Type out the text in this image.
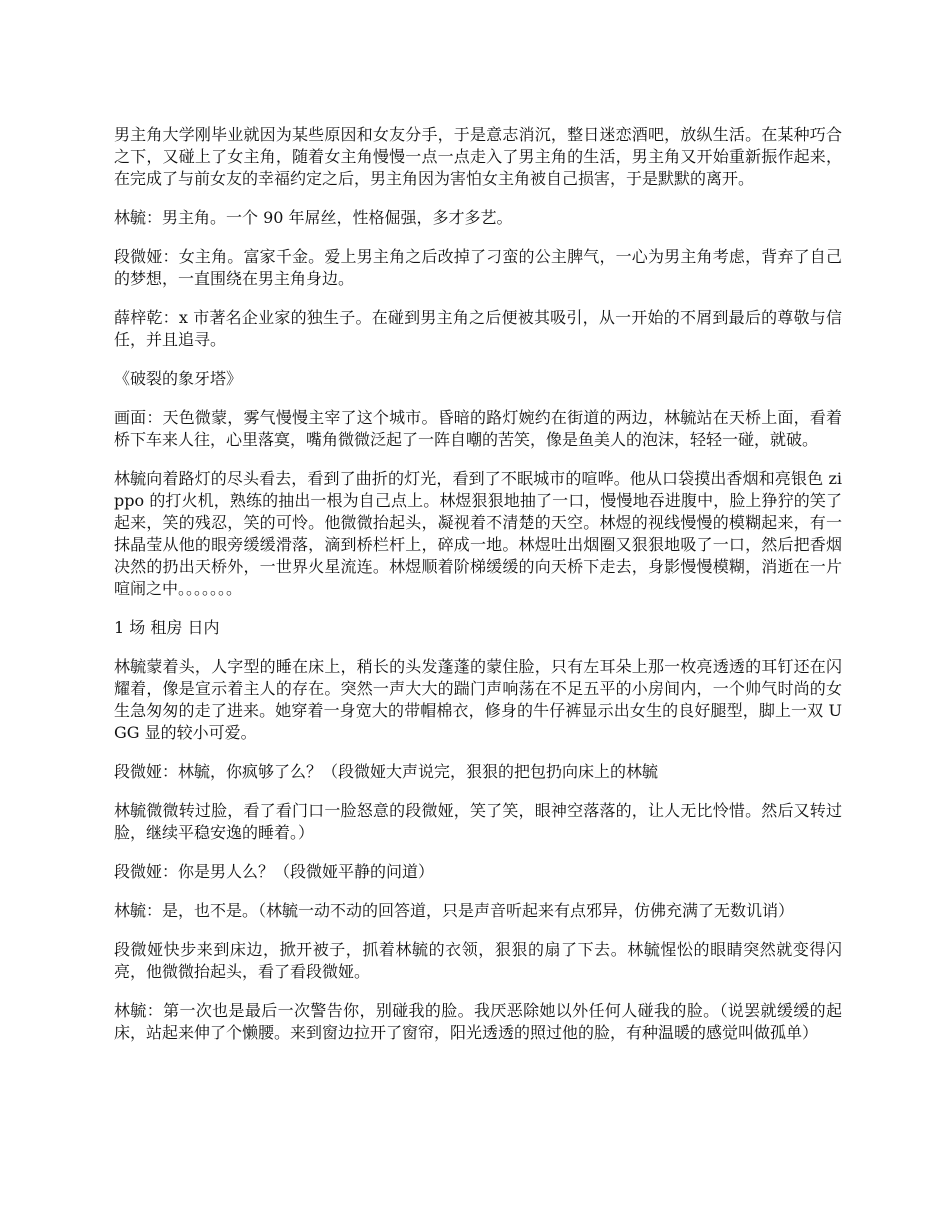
男主角大学刚毕业就因为某些原因和女友分手，于是意志消沉，整日迷恋酒吧，放纵生活。在某种巧合之下，又碰上了女主角，随着女主角慢慢一点一点走入了男主角的生活，男主角又开始重新振作起来，在完成了与前女友的幸福约定之后，男主角因为害怕女主角被自己损害，于是默默的离开。

林毓：男主角。一个 90 年屌丝，性格倔强，多才多艺。

段微娅：女主角。富家千金。爱上男主角之后改掉了刁蛮的公主脾气，一心为男主角考虑，背弃了自己的梦想，一直围绕在男主角身边。

薛梓乾：x 市著名企业家的独生子。在碰到男主角之后便被其吸引，从一开始的不屑到最后的尊敬与信任，并且追寻。

《破裂的象牙塔》

画面：天色微蒙，雾气慢慢主宰了这个城市。昏暗的路灯婉约在街道的两边，林毓站在天桥上面，看着桥下车来人往，心里落寞，嘴角微微泛起了一阵自嘲的苦笑，像是鱼美人的泡沫，轻轻一碰，就破。

林毓向着路灯的尽头看去，看到了曲折的灯光，看到了不眠城市的喧哗。他从口袋摸出香烟和亮银色 zippo 的打火机，熟练的抽出一根为自己点上。林煜狠狠地抽了一口，慢慢地吞进腹中，脸上狰狞的笑了起来，笑的残忍，笑的可怜。他微微抬起头，凝视着不清楚的天空。林煜的视线慢慢的模糊起来，有一抹晶莹从他的眼旁缓缓滑落，滴到桥栏杆上，碎成一地。林煜吐出烟圈又狠狠地吸了一口，然后把香烟决然的扔出天桥外，一世界火星流连。林煜顺着阶梯缓缓的向天桥下走去，身影慢慢模糊，消逝在一片喧闹之中。。。。。。。

1 场 租房 日内

林毓蒙着头，人字型的睡在床上，稍长的头发蓬蓬的蒙住脸，只有左耳朵上那一枚亮透透的耳钉还在闪耀着，像是宣示着主人的存在。突然一声大大的踹门声响荡在不足五平的小房间内，一个帅气时尚的女生急匆匆的走了进来。她穿着一身宽大的带帽棉衣，修身的牛仔裤显示出女生的良好腿型，脚上一双 UGG 显的较小可爱。

段微娅：林毓，你疯够了么？（段微娅大声说完，狠狠的把包扔向床上的林毓

林毓微微转过脸，看了看门口一脸怒意的段微娅，笑了笑，眼神空落落的，让人无比怜惜。然后又转过脸，继续平稳安逸的睡着。）

段微娅：你是男人么？（段微娅平静的问道）

林毓：是，也不是。（林毓一动不动的回答道，只是声音听起来有点邪异，仿佛充满了无数讥诮）

段微娅快步来到床边，掀开被子，抓着林毓的衣领，狠狠的扇了下去。林毓惺忪的眼睛突然就变得闪亮，他微微抬起头，看了看段微娅。

林毓：第一次也是最后一次警告你，别碰我的脸。我厌恶除她以外任何人碰我的脸。（说罢就缓缓的起床，站起来伸了个懒腰。来到窗边拉开了窗帘，阳光透透的照过他的脸，有种温暖的感觉叫做孤单）
